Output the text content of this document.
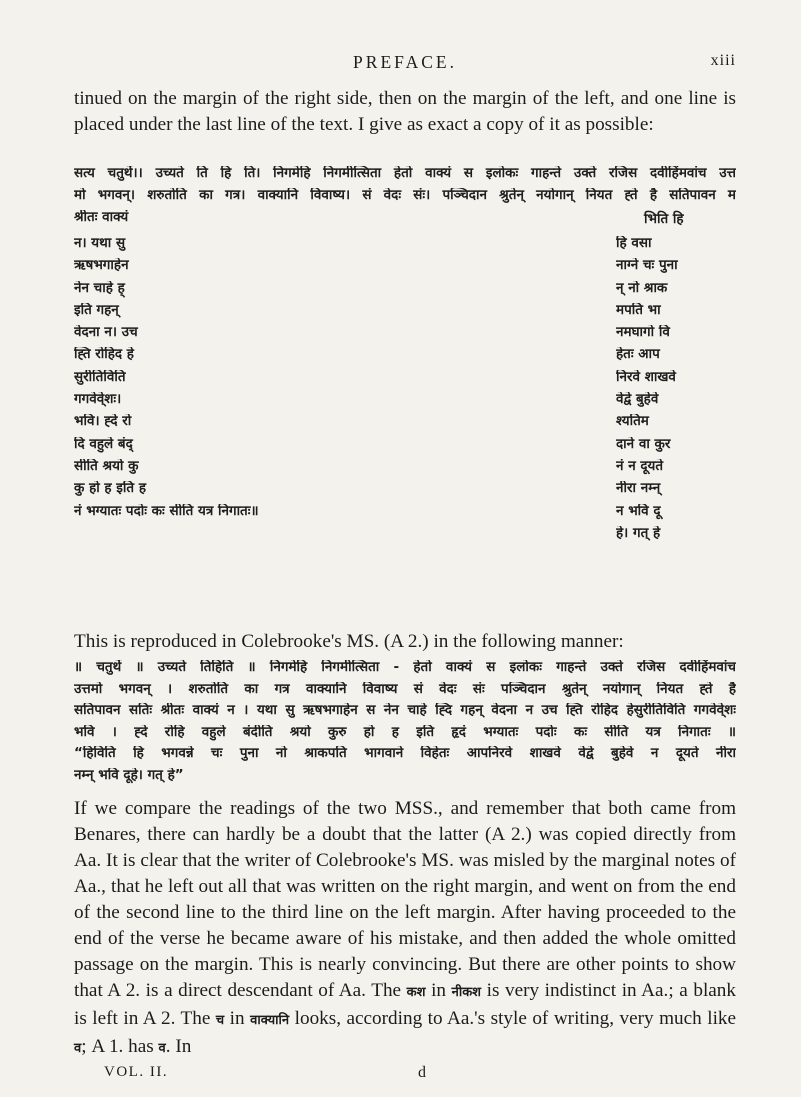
PREFACE.	xiii

tinued on the margin of the right side, then on the margin of the left, and one line is placed under the last line of the text. I give as exact a copy of it as possible:

सत्य चतुर्थे।। उच्यते ति हि ति। निगमेहि निगमीत्सिता हेतो वाक्यं स इलोकः गाहन्ते उक्ते रजिस दवीहिंमवांच उत्त
मो भगवन्। शरुतोति का गत्र। वाक्यानि विवाष्य। सं वेदः संः। पञ्चिदान श्रुतेन् नयोगान् नियत ह्ते है सतिपावन म
श्रीतः वाक्यं	भिति हि
न। यथा सु
ऋषभगाहेन
नेन चाहे ह्
इति गहन्
वेदना न। उच
ह्ति रोहिद हे
सुरीतिविति
गगवेवे्शः।
भवि। ह्दे रो
दि वहुले बंद्
सीति श्रयो कु
कु हो ह इति ह
नं भग्यातः पदोः कः सीति यत्र निगातः॥
हि वसा
नाग्ने चः पुना
न् नो श्राक
मपति भा
नमघागो वि
हेतः आप
निरवे शाखवे
वेद्वे बुहेवे
श्यतिम
दाने वा कुर
नं न दूयते
नीरा नम्न्
न भवि दू
हे। गत् हे

This is reproduced in Colebrooke's MS. (A 2.) in the following manner:

॥ चतुर्थे ॥ उच्यते तिहिति ॥ निगमेहि निगमीत्सिता - हेतो वाक्यं स इलोकः गाहन्ते उक्ते रजिस दवीहिंमवांच
उत्तमो भगवन् । शरुतोति का गत्र वाक्यानि विवाष्य सं वेदः संः पञ्चिदान श्रुतेन् नयोगान् नियत ह्ते है
सतिपावन सतिः श्रीतः वाक्यं न । यथा सु ऋषभगाहेन स नेन चाहे ह्दि गहन् वेदना न उच ह्ति रोहिद हेसुरीतिविति गगवेवे्शः
भवि । ह्दे रोहि वहुले बंदीति श्रयो कुरु हो ह इति हृदं भग्यातः पदोः कः सीति यत्र निगातः ॥
“हिविति हि भगवन्ने चः पुना नो श्राकपति भागवाने विहेतः आपनिरवे शाखवे वेद्वे बुहेवे न दूयते नीरा
नम्न् भवि दूहे। गत् हे”

If we compare the readings of the two MSS., and remember that both came from Benares, there can hardly be a doubt that the latter (A 2.) was copied directly from Aa. It is clear that the writer of Colebrooke's MS. was misled by the marginal notes of Aa., that he left out all that was written on the right margin, and went on from the end of the second line to the third line on the left margin. After having proceeded to the end of the verse he became aware of his mistake, and then added the whole omitted passage on the margin. This is nearly convincing. But there are other points to show that A 2. is a direct descendant of Aa. The कश in नीकश is very indistinct in Aa.; a blank is left in A 2. The च in वाक्यानि looks, according to Aa.'s style of writing, very much like व; A 1. has व. In

VOL. II.	d
